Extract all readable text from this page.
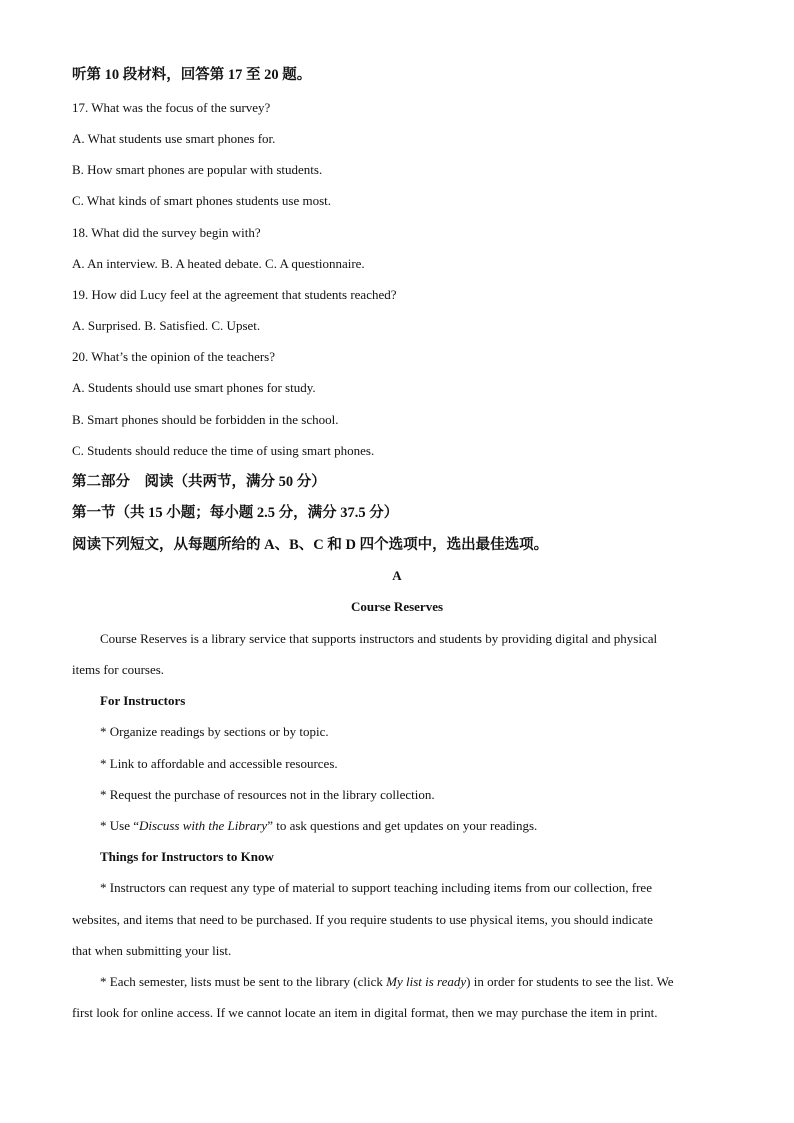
听第 10 段材料，回答第 17 至 20 题。
17. What was the focus of the survey?
A. What students use smart phones for.
B. How smart phones are popular with students.
C. What kinds of smart phones students use most.
18. What did the survey begin with?
A. An interview. B. A heated debate. C. A questionnaire.
19. How did Lucy feel at the agreement that students reached?
A. Surprised. B. Satisfied. C. Upset.
20. What’s the opinion of the teachers?
A. Students should use smart phones for study.
B. Smart phones should be forbidden in the school.
C. Students should reduce the time of using smart phones.
第二部分　阅读（共两节，满分 50 分）
第一节（共 15 小题；每小题 2.5 分，满分 37.5 分）
阅读下列短文，从每题所给的 A、B、C 和 D 四个选项中，选出最佳选项。
A
Course Reserves
Course Reserves is a library service that supports instructors and students by providing digital and physical
items for courses.
For Instructors
* Organize readings by sections or by topic.
* Link to affordable and accessible resources.
* Request the purchase of resources not in the library collection.
* Use “Discuss with the Library” to ask questions and get updates on your readings.
Things for Instructors to Know
* Instructors can request any type of material to support teaching including items from our collection, free
websites, and items that need to be purchased. If you require students to use physical items, you should indicate
that when submitting your list.
* Each semester, lists must be sent to the library (click My list is ready) in order for students to see the list. We
first look for online access. If we cannot locate an item in digital format, then we may purchase the item in print.
